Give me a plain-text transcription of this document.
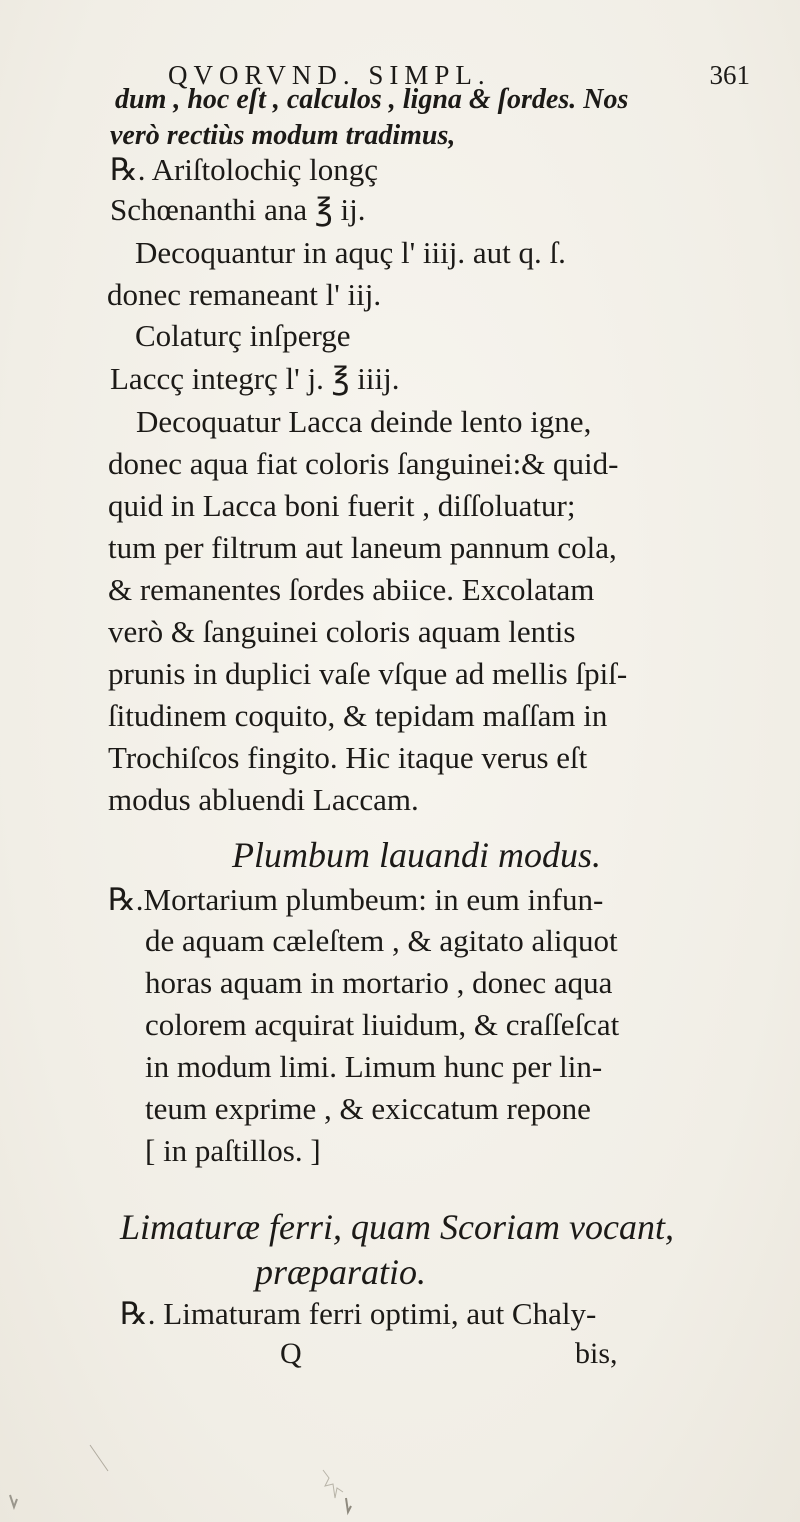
QVORVND. SIMPL.	361
dum , hoc eſt , calculos , ligna & ſordes. Nos
verò rectiùs modum tradimus,
℞. Ariſtolochiç longç
Schœnanthi ana ℥ ij.
Decoquantur in aquç l' iiij. aut q. ſ.
donec remaneant l' iij.
Colaturç inſperge
Laccç integrç l' j. ℥ iiij.
Decoquatur Lacca deinde lento igne,
donec aqua fiat coloris ſanguinei:& quid-
quid in Lacca boni fuerit , diſſoluatur;
tum per filtrum aut laneum pannum cola,
& remanentes ſordes abiice. Excolatam
verò & ſanguinei coloris aquam lentis
prunis in duplici vaſe vſque ad mellis ſpiſ-
ſitudinem coquito, & tepidam maſſam in
Trochiſcos fingito. Hic itaque verus eſt
modus abluendi Laccam.
Plumbum lauandi modus.
℞.Mortarium plumbeum: in eum infun-
de aquam cæleſtem , & agitato aliquot
horas aquam in mortario , donec aqua
colorem acquirat liuidum, & craſſeſcat
in modum limi. Limum hunc per lin-
teum exprime , & exiccatum repone
[ in paſtillos. ]
Limaturæ ferri, quam Scoriam vocant,
præparatio.
℞. Limaturam ferri optimi, aut Chaly-
Q	bis,
